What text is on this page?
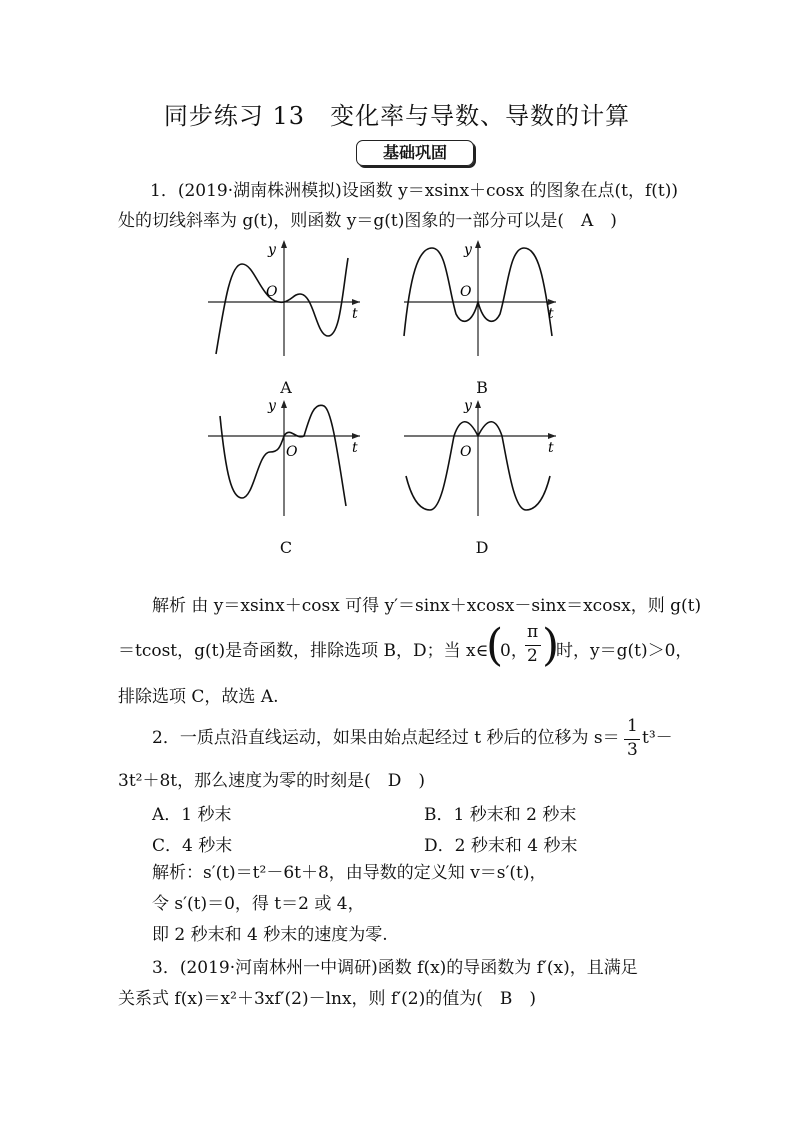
同步练习 13　变化率与导数、导数的计算
基础巩固
1．(2019·湖南株洲模拟)设函数 y＝xsinx＋cosx 的图象在点(t，f(t))
处的切线斜率为 g(t)，则函数 y＝g(t)图象的一部分可以是(　A　)
y
t
O
A
y
t
O
B
y
t
O
C
y
t
O
D
解析 由 y＝xsinx＋cosx 可得 y′＝sinx＋xcosx－sinx＝xcosx，则 g(t)
＝tcost，g(t)是奇函数，排除选项 B，D；当 x∈
(
0，
π
2 )
时，y＝g(t)＞0，
排除选项 C，故选 A.
2．一质点沿直线运动，如果由始点起经过 t 秒后的位移为 s＝
1
3
t³－
3t²＋8t，那么速度为零的时刻是(　D　)
A．1 秒末	B．1 秒末和 2 秒末
C．4 秒末	D．2 秒末和 4 秒末
解析：s′(t)＝t²－6t＋8，由导数的定义知 v＝s′(t)，
令 s′(t)＝0，得 t＝2 或 4，
即 2 秒末和 4 秒末的速度为零.
3．(2019·河南林州一中调研)函数 f(x)的导函数为 f′(x)，且满足
关系式 f(x)＝x²＋3xf′(2)－lnx，则 f′(2)的值为(　B　)
